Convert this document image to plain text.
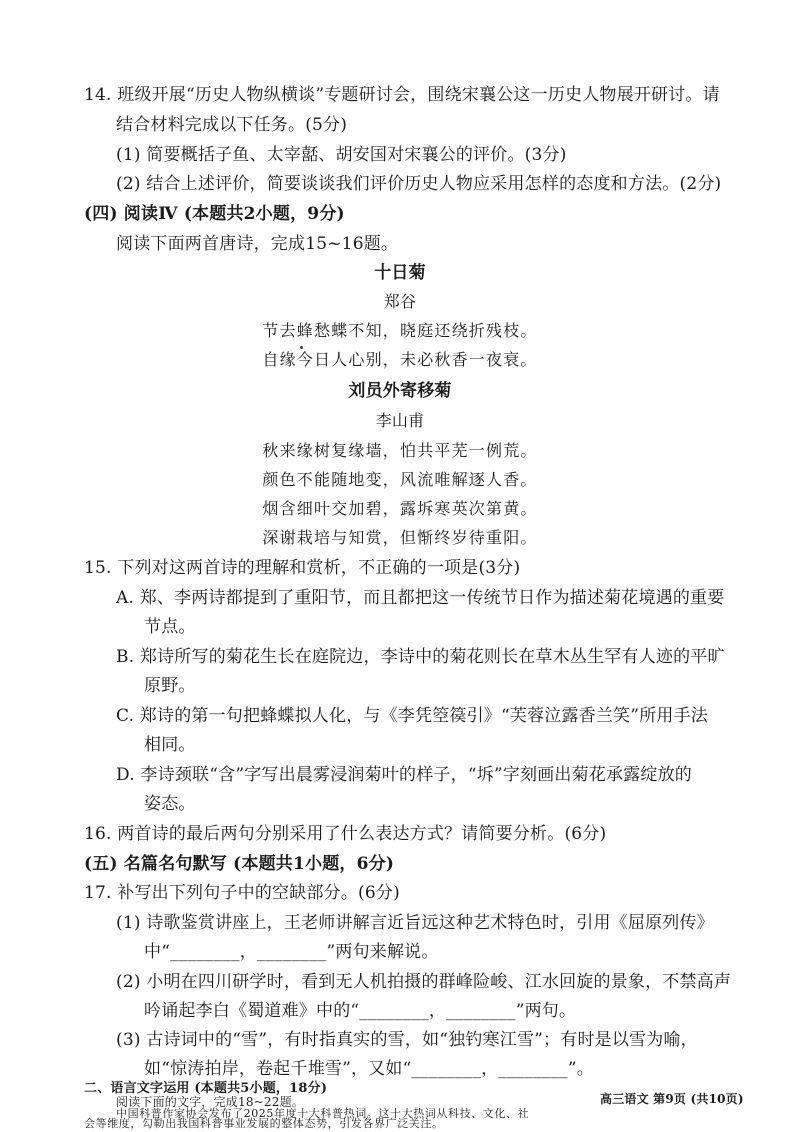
14. 班级开展“历史人物纵横谈”专题研讨会，围绕宋襄公这一历史人物展开研讨。请
结合材料完成以下任务。(5分)
(1) 简要概括子鱼、太宰嚭、胡安国对宋襄公的评价。(3分)
(2) 结合上述评价，简要谈谈我们评价历史人物应采用怎样的态度和方法。(2分)
(四) 阅读Ⅳ (本题共2小题，9分)
阅读下面两首唐诗，完成15~16题。
十日菊
郑谷
节去蜂愁蝶不知，晓庭还绕折残枝。
自缘今日人心别，未必秋香一夜衰。
刘员外寄移菊
李山甫
秋来缘树复缘墙，怕共平芜一例荒。
颜色不能随地变，风流唯解逐人香。
烟含细叶交加碧，露坼寒英次第黄。
深谢栽培与知赏，但惭终岁待重阳。
15. 下列对这两首诗的理解和赏析，不正确的一项是(3分)
A. 郑、李两诗都提到了重阳节，而且都把这一传统节日作为描述菊花境遇的重要
节点。
B. 郑诗所写的菊花生长在庭院边，李诗中的菊花则长在草木丛生罕有人迹的平旷
原野。
C. 郑诗的第一句把蜂蝶拟人化，与《李凭箜篌引》“芙蓉泣露香兰笑”所用手法
相同。
D. 李诗颈联“含”字写出晨雾浸润菊叶的样子，“坼”字刻画出菊花承露绽放的
姿态。
16. 两首诗的最后两句分别采用了什么表达方式？请简要分析。(6分)
(五) 名篇名句默写 (本题共1小题，6分)
17. 补写出下列句子中的空缺部分。(6分)
(1) 诗歌鉴赏讲座上，王老师讲解言近旨远这种艺术特色时，引用《屈原列传》
中“________，________”两句来解说。
(2) 小明在四川研学时，看到无人机拍摄的群峰险峻、江水回旋的景象，不禁高声
吟诵起李白《蜀道难》中的“________，________”两句。
(3) 古诗词中的“雪”，有时指真实的雪，如“独钓寒江雪”；有时是以雪为喻，
如“惊涛拍岸，卷起千堆雪”，又如“________，________”。
二、语言文字运用 (本题共5小题，18分)
阅读下面的文字，完成18~22题。
中国科普作家协会发布了2025年度十大科普热词。这十大热词从科技、文化、社
会等维度，勾勒出我国科普事业发展的整体态势，引发各界广泛关注。
高三语文 第9页 (共10页)
